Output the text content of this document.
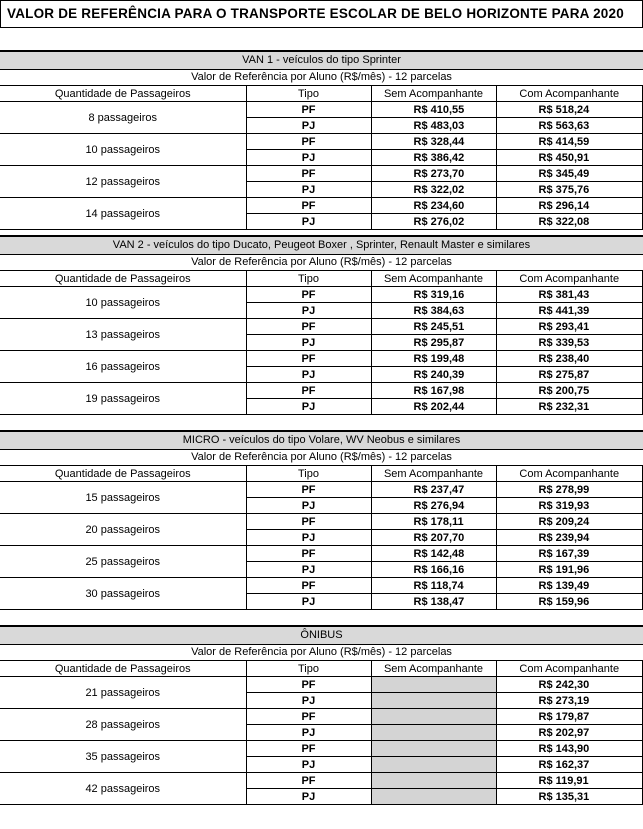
VALOR DE REFERÊNCIA PARA O TRANSPORTE ESCOLAR DE BELO HORIZONTE PARA 2020
VAN 1 - veículos do tipo Sprinter
Valor de Referência por Aluno (R$/mês) - 12 parcelas
Quantidade de Passageiros	Tipo	Sem Acompanhante	Com Acompanhante
8 passageiros	PF	R$ 410,55	R$ 518,24
	PJ	R$ 483,03	R$ 563,63
10 passageiros	PF	R$ 328,44	R$ 414,59
	PJ	R$ 386,42	R$ 450,91
12 passageiros	PF	R$ 273,70	R$ 345,49
	PJ	R$ 322,02	R$ 375,76
14 passageiros	PF	R$ 234,60	R$ 296,14
	PJ	R$ 276,02	R$ 322,08
VAN 2 - veículos do tipo Ducato, Peugeot Boxer , Sprinter, Renault Master e similares
Valor de Referência por Aluno (R$/mês) - 12 parcelas
Quantidade de Passageiros	Tipo	Sem Acompanhante	Com Acompanhante
10 passageiros	PF	R$ 319,16	R$ 381,43
	PJ	R$ 384,63	R$ 441,39
13 passageiros	PF	R$ 245,51	R$ 293,41
	PJ	R$ 295,87	R$ 339,53
16 passageiros	PF	R$ 199,48	R$ 238,40
	PJ	R$ 240,39	R$ 275,87
19 passageiros	PF	R$ 167,98	R$ 200,75
	PJ	R$ 202,44	R$ 232,31
MICRO - veículos do tipo Volare, WV Neobus e similares
Valor de Referência por Aluno (R$/mês) - 12 parcelas
Quantidade de Passageiros	Tipo	Sem Acompanhante	Com Acompanhante
15 passageiros	PF	R$ 237,47	R$ 278,99
	PJ	R$ 276,94	R$ 319,93
20 passageiros	PF	R$ 178,11	R$ 209,24
	PJ	R$ 207,70	R$ 239,94
25 passageiros	PF	R$ 142,48	R$ 167,39
	PJ	R$ 166,16	R$ 191,96
30 passageiros	PF	R$ 118,74	R$ 139,49
	PJ	R$ 138,47	R$ 159,96
ÔNIBUS
Valor de Referência por Aluno (R$/mês) - 12 parcelas
Quantidade de Passageiros	Tipo	Sem Acompanhante	Com Acompanhante
21 passageiros	PF		R$ 242,30
	PJ		R$ 273,19
28 passageiros	PF		R$ 179,87
	PJ		R$ 202,97
35 passageiros	PF		R$ 143,90
	PJ		R$ 162,37
42 passageiros	PF		R$ 119,91
	PJ		R$ 135,31
